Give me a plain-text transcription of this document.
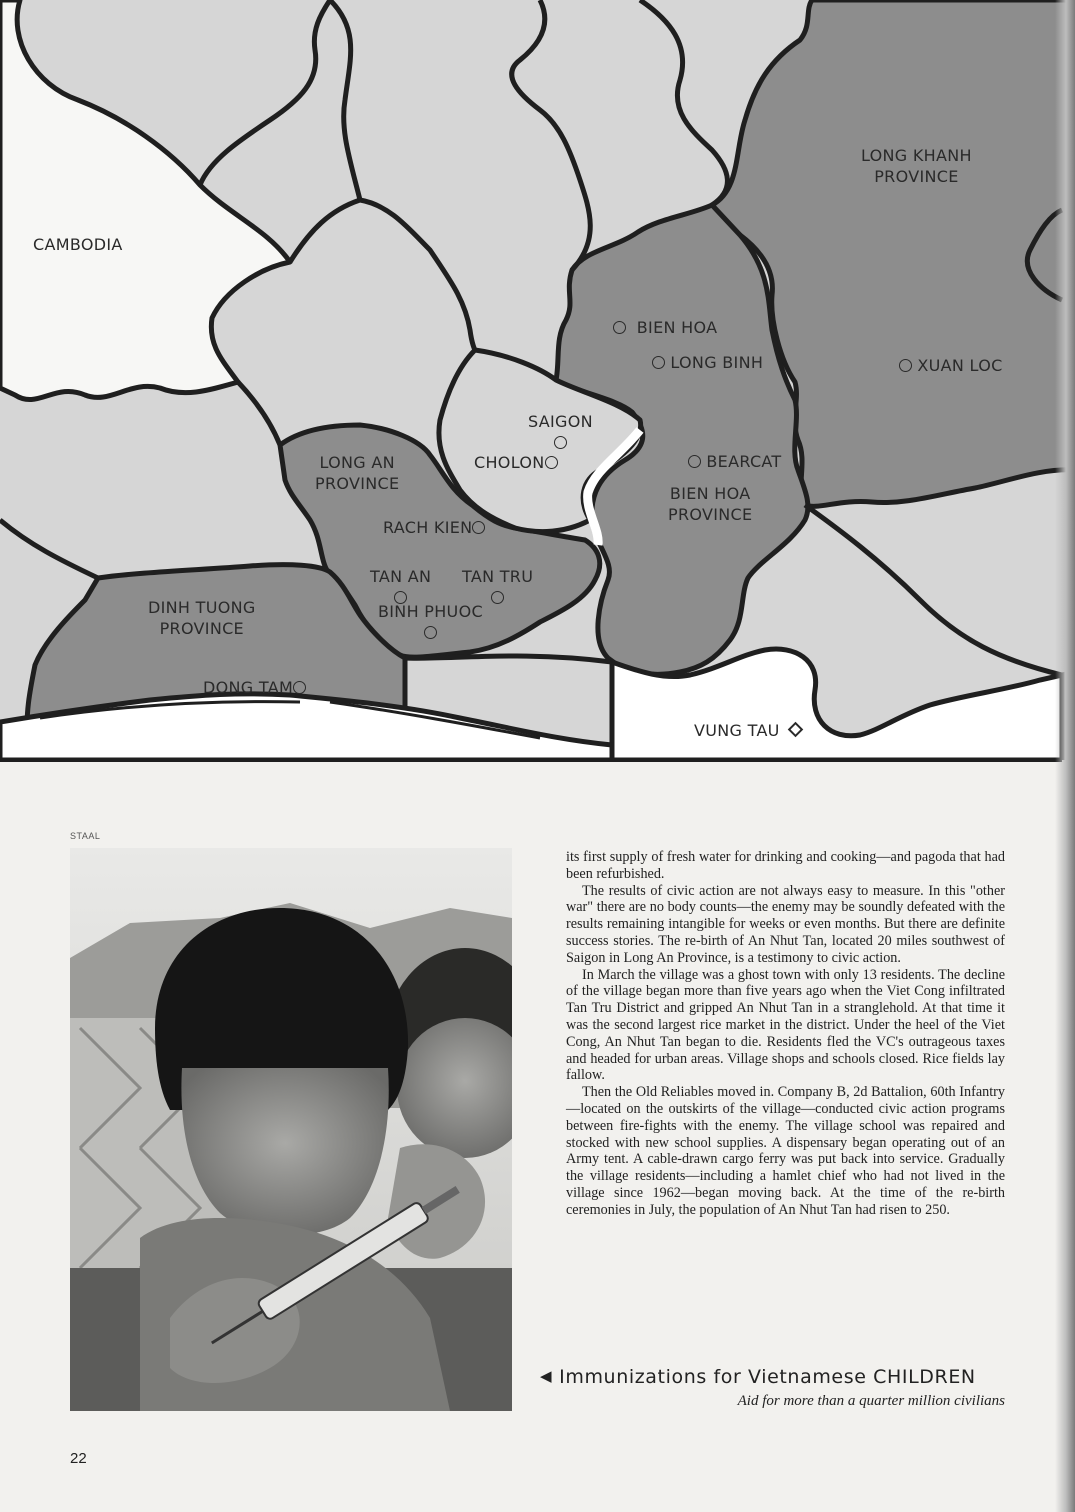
CAMBODIA
LONG KHANH
PROVINCE
BIEN HOA
LONG BINH	XUAN LOC
SAIGON
CHOLON	BEARCAT
LONG AN
PROVINCE
BIEN HOA
PROVINCE
RACH KIEN
TAN AN TAN TRU
BINH PHUOC
DINH TUONG
PROVINCE
DONG TAM
VUNG TAU
STAAL

its first supply of fresh water for drinking and cooking—and pagoda that had been refurbished.

The results of civic action are not always easy to measure. In this "other war" there are no body counts—the enemy may be soundly defeated with the results remaining intangible for weeks or even months. But there are definite success stories. The re-birth of An Nhut Tan, located 20 miles southwest of Saigon in Long An Province, is a testimony to civic action.

In March the village was a ghost town with only 13 residents. The decline of the village began more than five years ago when the Viet Cong infiltrated Tan Tru District and gripped An Nhut Tan in a stranglehold. At that time it was the second largest rice market in the district. Under the heel of the Viet Cong, An Nhut Tan began to die. Residents fled the VC's outrageous taxes and headed for urban areas. Village shops and schools closed. Rice fields lay fallow.

Then the Old Reliables moved in. Company B, 2d Battalion, 60th Infantry—located on the outskirts of the village—conducted civic action programs between fire-fights with the enemy. The village school was repaired and stocked with new school supplies. A dispensary began operating out of an Army tent. A cable-drawn cargo ferry was put back into service. Gradually the village residents—including a hamlet chief who had not lived in the village since 1962—began moving back. At the time of the re-birth ceremonies in July, the population of An Nhut Tan had risen to 250.

◀ Immunizations for Vietnamese CHILDREN
Aid for more than a quarter million civilians
22
